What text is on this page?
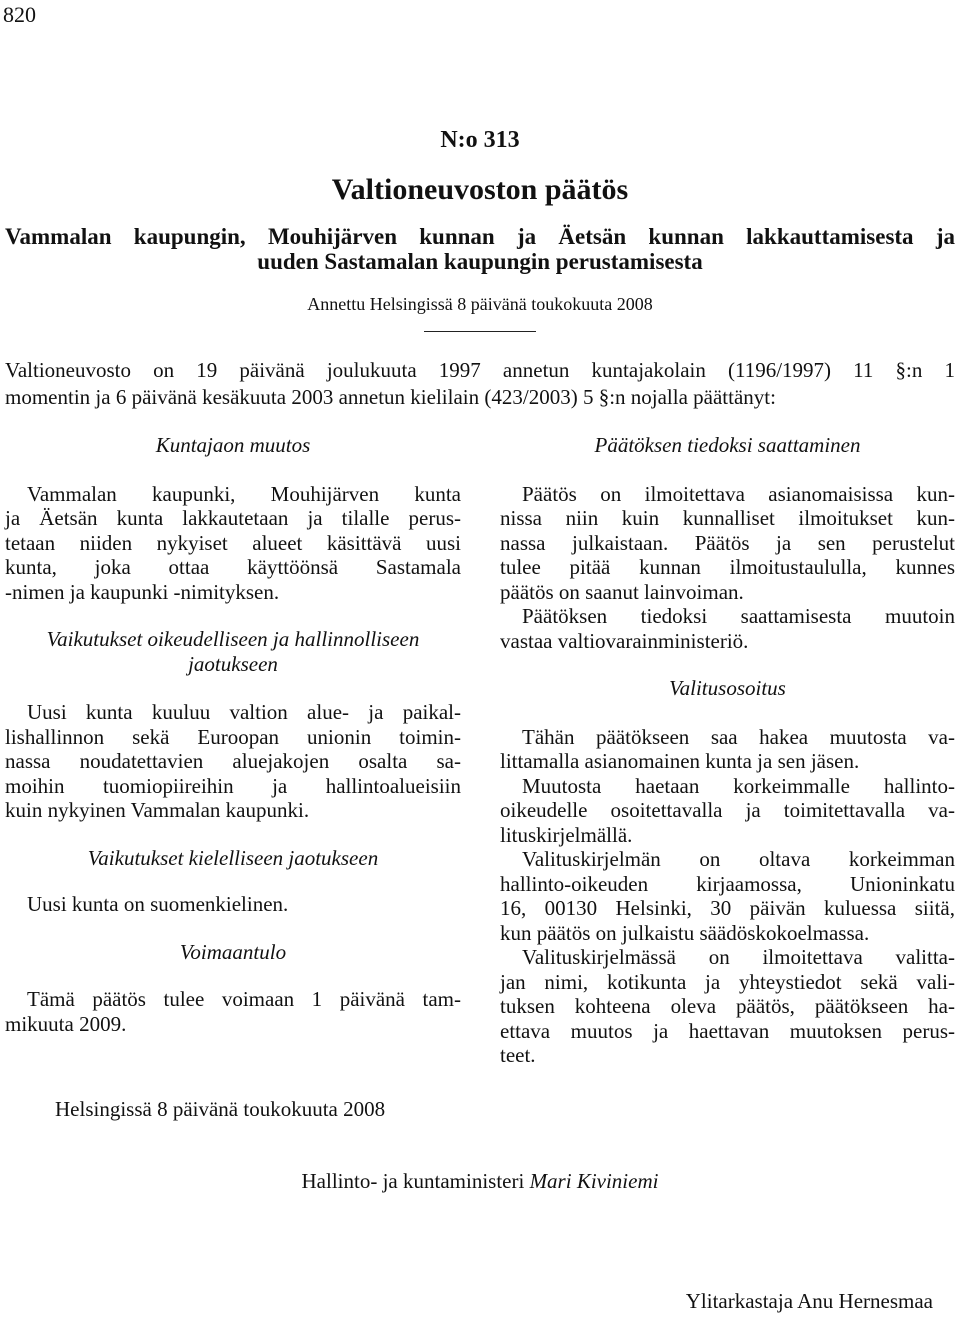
820
N:o 313
Valtioneuvoston päätös
Vammalan kaupungin, Mouhijärven kunnan ja Äetsän kunnan lakkauttamisesta ja
uuden Sastamalan kaupungin perustamisesta
Annettu Helsingissä 8 päivänä toukokuuta 2008
Valtioneuvosto on 19 päivänä joulukuuta 1997 annetun kuntajakolain (1196/1997) 11 §:n 1
momentin ja 6 päivänä kesäkuuta 2003 annetun kielilain (423/2003) 5 §:n nojalla päättänyt:
Kuntajaon muutos

Vammalan kaupunki, Mouhijärven kunta
ja Äetsän kunta lakkautetaan ja tilalle perus-
tetaan niiden nykyiset alueet käsittävä uusi
kunta, joka ottaa käyttöönsä Sastamala
-nimen ja kaupunki -nimityksen.

Vaikutukset oikeudelliseen ja hallinnolliseen
jaotukseen

Uusi kunta kuuluu valtion alue- ja paikal-
lishallinnon sekä Euroopan unionin toimin-
nassa noudatettavien aluejakojen osalta sa-
moihin tuomiopiireihin ja hallintoalueisiin
kuin nykyinen Vammalan kaupunki.

Vaikutukset kielelliseen jaotukseen

Uusi kunta on suomenkielinen.

Voimaantulo

Tämä päätös tulee voimaan 1 päivänä tam-
mikuuta 2009.

Päätöksen tiedoksi saattaminen

Päätös on ilmoitettava asianomaisissa kun-
nissa niin kuin kunnalliset ilmoitukset kun-
nassa julkaistaan. Päätös ja sen perustelut
tulee pitää kunnan ilmoitustaululla, kunnes
päätös on saanut lainvoiman.

Päätöksen tiedoksi saattamisesta muutoin
vastaa valtiovarainministeriö.

Valitusosoitus

Tähän päätökseen saa hakea muutosta va-
littamalla asianomainen kunta ja sen jäsen.

Muutosta haetaan korkeimmalle hallinto-
oikeudelle osoitettavalla ja toimitettavalla va-
lituskirjelmällä.

Valituskirjelmän on oltava korkeimman
hallinto-oikeuden kirjaamossa, Unioninkatu
16, 00130 Helsinki, 30 päivän kuluessa siitä,
kun päätös on julkaistu säädöskokoelmassa.

Valituskirjelmässä on ilmoitettava valitta-
jan nimi, kotikunta ja yhteystiedot sekä vali-
tuksen kohteena oleva päätös, päätökseen ha-
ettava muutos ja haettavan muutoksen perus-
teet.

Helsingissä 8 päivänä toukokuuta 2008
Hallinto- ja kuntaministeri Mari Kiviniemi
Ylitarkastaja Anu Hernesmaa
